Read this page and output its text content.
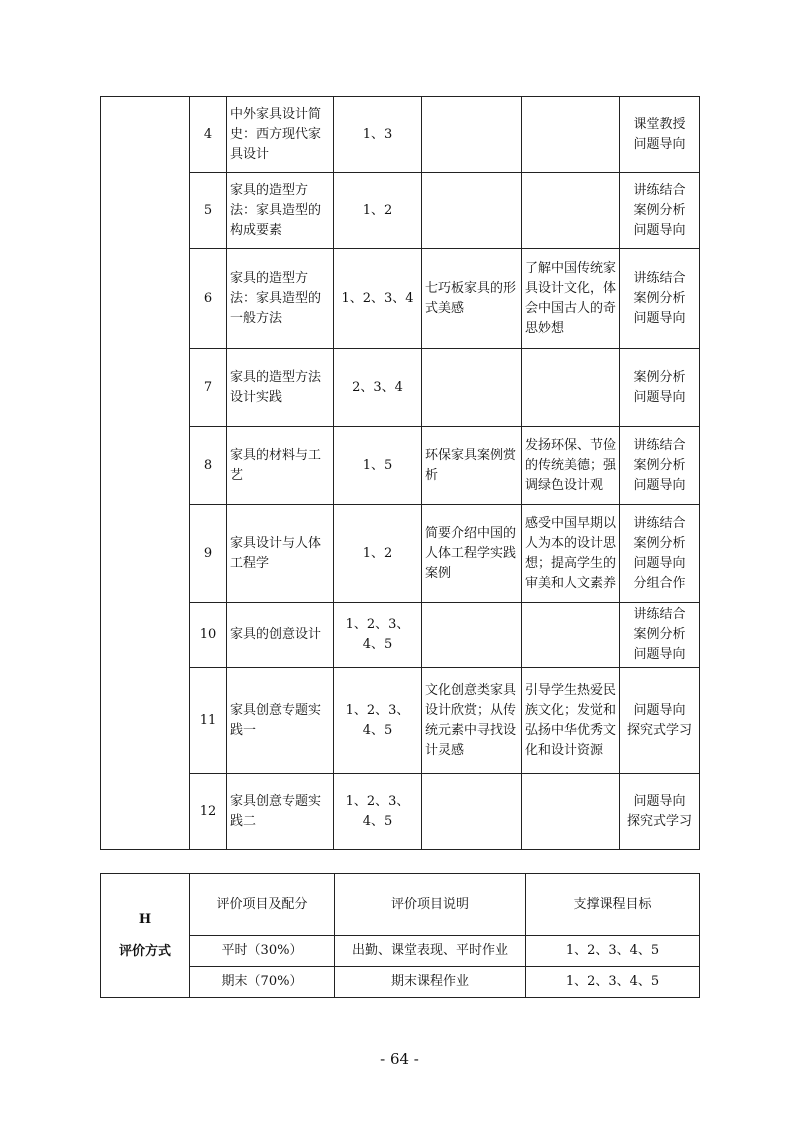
	4	中外家具设计简史：西方现代家具设计	1、3			课堂教授
问题导向
	5	家具的造型方法：家具造型的构成要素	1、2			讲练结合
案例分析
问题导向
	6	家具的造型方法：家具造型的一般方法	1、2、3、4	七巧板家具的形式美感	了解中国传统家具设计文化，体会中国古人的奇思妙想	讲练结合
案例分析
问题导向
	7	家具的造型方法设计实践	2、3、4			案例分析
问题导向
	8	家具的材料与工艺	1、5	环保家具案例赏析	发扬环保、节俭的传统美德；强调绿色设计观	讲练结合
案例分析
问题导向
	9	家具设计与人体工程学	1、2	简要介绍中国的人体工程学实践案例	感受中国早期以人为本的设计思想；提高学生的审美和人文素养	讲练结合
案例分析
问题导向
分组合作
	10	家具的创意设计	1、2、3、4、5			讲练结合
案例分析
问题导向
	11	家具创意专题实践一	1、2、3、4、5	文化创意类家具设计欣赏；从传统元素中寻找设计灵感	引导学生热爱民族文化；发觉和弘扬中华优秀文化和设计资源	问题导向
探究式学习
	12	家具创意专题实践二	1、2、3、4、5			问题导向
探究式学习
H
评价方式	评价项目及配分	评价项目说明	支撑课程目标
	平时（30%）	出勤、课堂表现、平时作业	1、2、3、4、5
	期末（70%）	期末课程作业	1、2、3、4、5
- 64 -
